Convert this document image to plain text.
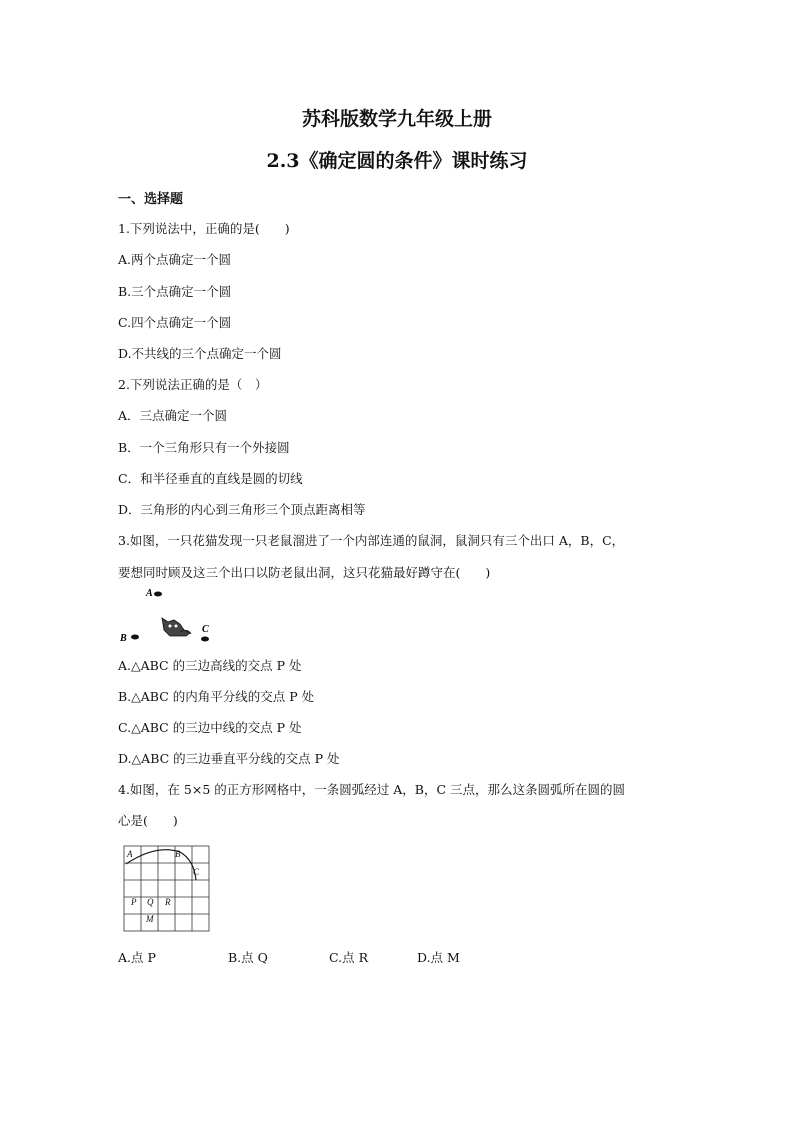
苏科版数学九年级上册
2.3《确定圆的条件》课时练习
一、选择题
1.下列说法中，正确的是(　　)
A.两个点确定一个圆
B.三个点确定一个圆
C.四个点确定一个圆
D.不共线的三个点确定一个圆
2.下列说法正确的是（　）
A．三点确定一个圆
B．一个三角形只有一个外接圆
C．和半径垂直的直线是圆的切线
D．三角形的内心到三角形三个顶点距离相等
3.如图，一只花猫发现一只老鼠溜进了一个内部连通的鼠洞，鼠洞只有三个出口 A，B，C，
要想同时顾及这三个出口以防老鼠出洞，这只花猫最好蹲守在(　　)
A
B
C
A.△ABC 的三边高线的交点 P 处
B.△ABC 的内角平分线的交点 P 处
C.△ABC 的三边中线的交点 P 处
D.△ABC 的三边垂直平分线的交点 P 处
4.如图，在 5×5 的正方形网格中，一条圆弧经过 A，B，C 三点，那么这条圆弧所在圆的圆
心是(　　)
A	B
C
P Q R
M
A.点 P	B.点 Q	C.点 R	D.点 M
